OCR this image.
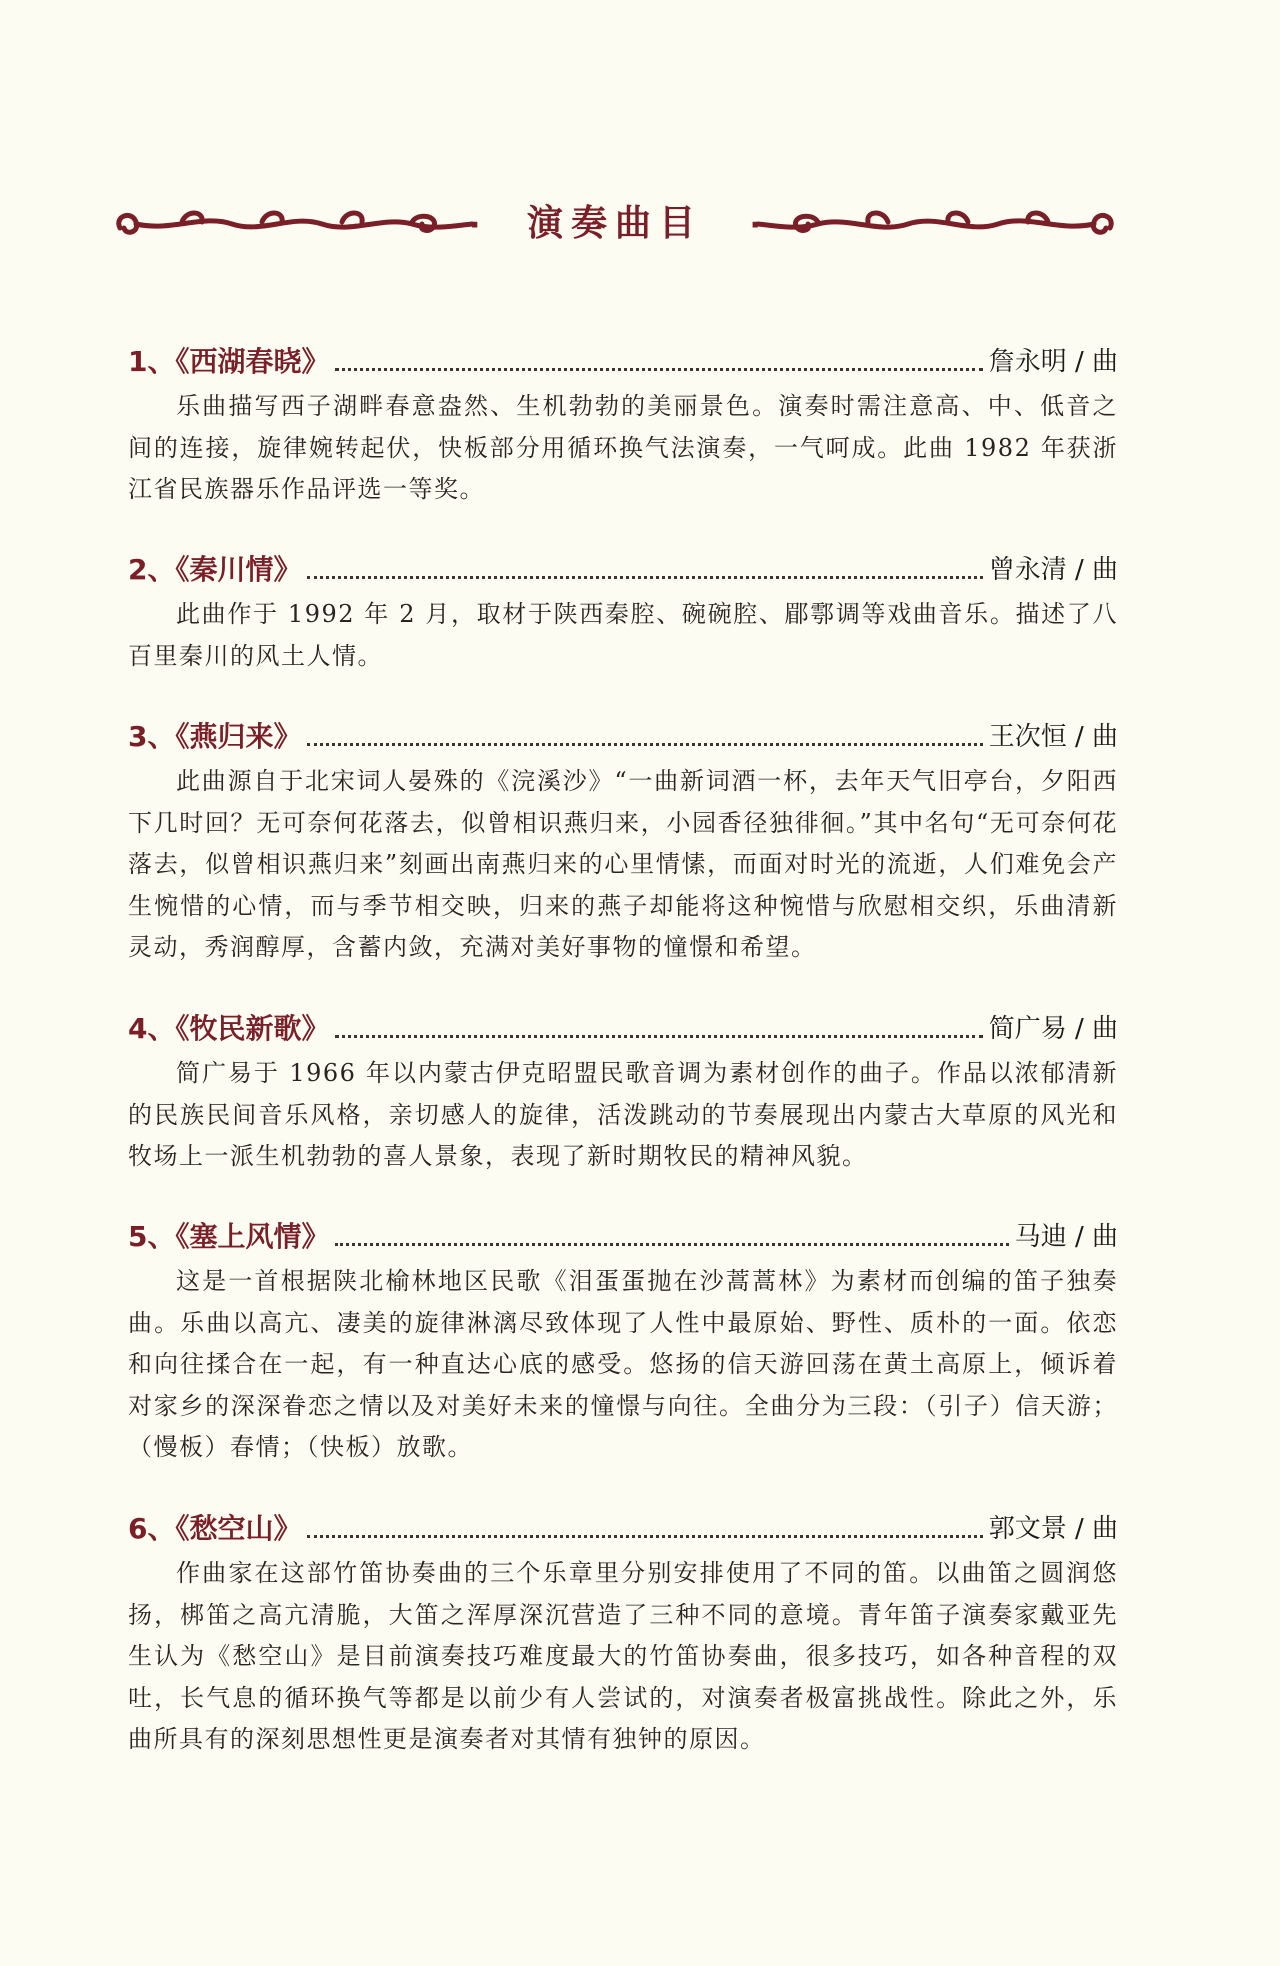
· 演奏曲目 ·
1、《西湖春晓》	詹永明 / 曲
乐曲描写西子湖畔春意盎然、生机勃勃的美丽景色。演奏时需注意高、中、低音之间的连接，旋律婉转起伏，快板部分用循环换气法演奏，一气呵成。此曲 1982 年获浙江省民族器乐作品评选一等奖。
2、《秦川情》	曾永清 / 曲
此曲作于 1992 年 2 月，取材于陕西秦腔、碗碗腔、郿鄠调等戏曲音乐。描述了八百里秦川的风土人情。
3、《燕归来》	王次恒 / 曲
此曲源自于北宋词人晏殊的《浣溪沙》“一曲新词酒一杯，去年天气旧亭台，夕阳西下几时回？无可奈何花落去，似曾相识燕归来，小园香径独徘徊。”其中名句“无可奈何花落去，似曾相识燕归来”刻画出南燕归来的心里情愫，而面对时光的流逝，人们难免会产生惋惜的心情，而与季节相交映，归来的燕子却能将这种惋惜与欣慰相交织，乐曲清新灵动，秀润醇厚，含蓄内敛，充满对美好事物的憧憬和希望。
4、《牧民新歌》	简广易 / 曲
简广易于 1966 年以内蒙古伊克昭盟民歌音调为素材创作的曲子。作品以浓郁清新的民族民间音乐风格，亲切感人的旋律，活泼跳动的节奏展现出内蒙古大草原的风光和牧场上一派生机勃勃的喜人景象，表现了新时期牧民的精神风貌。
5、《塞上风情》	马迪 / 曲
这是一首根据陕北榆林地区民歌《泪蛋蛋抛在沙蒿蒿林》为素材而创编的笛子独奏曲。乐曲以高亢、凄美的旋律淋漓尽致体现了人性中最原始、野性、质朴的一面。依恋和向往揉合在一起，有一种直达心底的感受。悠扬的信天游回荡在黄土高原上，倾诉着对家乡的深深眷恋之情以及对美好未来的憧憬与向往。全曲分为三段：（引子）信天游；（慢板）春情；（快板）放歌。
6、《愁空山》	郭文景 / 曲
作曲家在这部竹笛协奏曲的三个乐章里分别安排使用了不同的笛。以曲笛之圆润悠扬，梆笛之高亢清脆，大笛之浑厚深沉营造了三种不同的意境。青年笛子演奏家戴亚先生认为《愁空山》是目前演奏技巧难度最大的竹笛协奏曲，很多技巧，如各种音程的双吐，长气息的循环换气等都是以前少有人尝试的，对演奏者极富挑战性。除此之外，乐曲所具有的深刻思想性更是演奏者对其情有独钟的原因。
